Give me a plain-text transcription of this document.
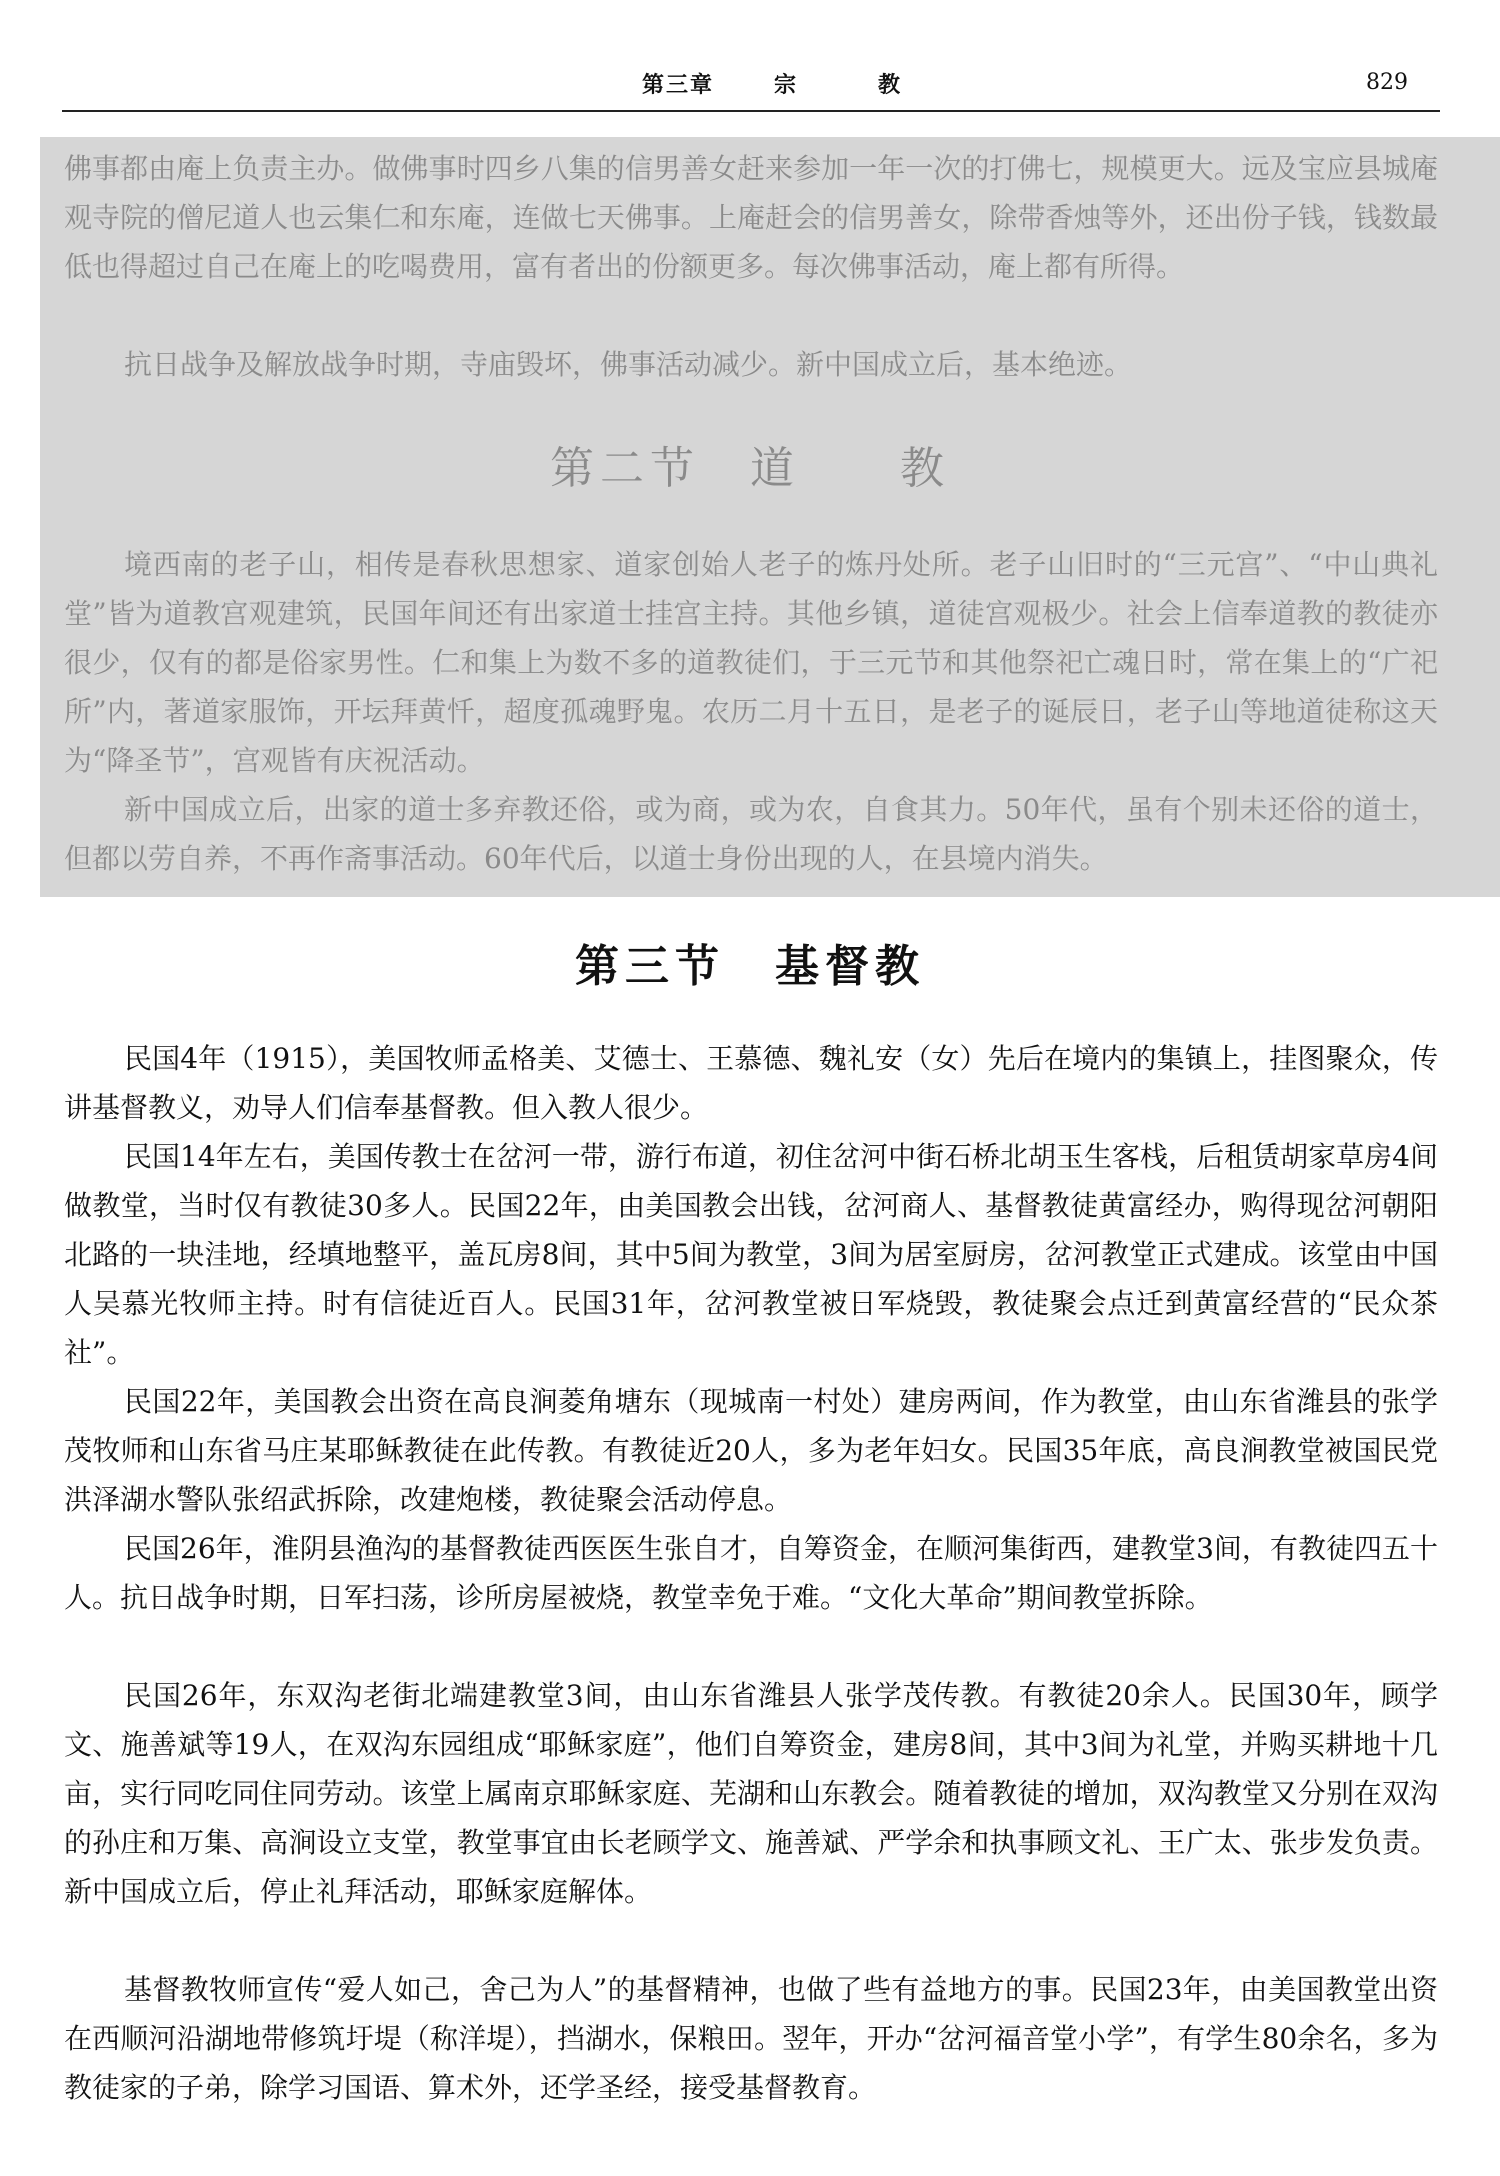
第三章	宗	教	829

佛事都由庵上负责主办。做佛事时四乡八集的信男善女赶来参加一年一次的打佛七，规模更大。远及宝应县城庵观寺院的僧尼道人也云集仁和东庵，连做七天佛事。上庵赶会的信男善女，除带香烛等外，还出份子钱，钱数最低也得超过自己在庵上的吃喝费用，富有者出的份额更多。每次佛事活动，庵上都有所得。

抗日战争及解放战争时期，寺庙毁坏，佛事活动减少。新中国成立后，基本绝迹。

第二节　道　　教

境西南的老子山，相传是春秋思想家、道家创始人老子的炼丹处所。老子山旧时的“三元宫”、“中山典礼堂”皆为道教宫观建筑，民国年间还有出家道士挂宫主持。其他乡镇，道徒宫观极少。社会上信奉道教的教徒亦很少，仅有的都是俗家男性。仁和集上为数不多的道教徒们，于三元节和其他祭祀亡魂日时，常在集上的“广祀所”内，著道家服饰，开坛拜黄忏，超度孤魂野鬼。农历二月十五日，是老子的诞辰日，老子山等地道徒称这天为“降圣节”，宫观皆有庆祝活动。

新中国成立后，出家的道士多弃教还俗，或为商，或为农，自食其力。50年代，虽有个别未还俗的道士，但都以劳自养，不再作斋事活动。60年代后，以道士身份出现的人，在县境内消失。

第三节　基督教

民国4年（1915），美国牧师孟格美、艾德士、王慕德、魏礼安（女）先后在境内的集镇上，挂图聚众，传讲基督教义，劝导人们信奉基督教。但入教人很少。

民国14年左右，美国传教士在岔河一带，游行布道，初住岔河中街石桥北胡玉生客栈，后租赁胡家草房4间做教堂，当时仅有教徒30多人。民国22年，由美国教会出钱，岔河商人、基督教徒黄富经办，购得现岔河朝阳北路的一块洼地，经填地整平，盖瓦房8间，其中5间为教堂，3间为居室厨房，岔河教堂正式建成。该堂由中国人吴慕光牧师主持。时有信徒近百人。民国31年，岔河教堂被日军烧毁，教徒聚会点迁到黄富经营的“民众茶社”。

民国22年，美国教会出资在高良涧菱角塘东（现城南一村处）建房两间，作为教堂，由山东省潍县的张学茂牧师和山东省马庄某耶稣教徒在此传教。有教徒近20人，多为老年妇女。民国35年底，高良涧教堂被国民党洪泽湖水警队张绍武拆除，改建炮楼，教徒聚会活动停息。

民国26年，淮阴县渔沟的基督教徒西医医生张自才，自筹资金，在顺河集街西，建教堂3间，有教徒四五十人。抗日战争时期，日军扫荡，诊所房屋被烧，教堂幸免于难。“文化大革命”期间教堂拆除。

民国26年，东双沟老街北端建教堂3间，由山东省潍县人张学茂传教。有教徒20余人。民国30年，顾学文、施善斌等19人，在双沟东园组成“耶稣家庭”，他们自筹资金，建房8间，其中3间为礼堂，并购买耕地十几亩，实行同吃同住同劳动。该堂上属南京耶稣家庭、芜湖和山东教会。随着教徒的增加，双沟教堂又分别在双沟的孙庄和万集、高涧设立支堂，教堂事宜由长老顾学文、施善斌、严学余和执事顾文礼、王广太、张步发负责。新中国成立后，停止礼拜活动，耶稣家庭解体。

基督教牧师宣传“爱人如己，舍己为人”的基督精神，也做了些有益地方的事。民国23年，由美国教堂出资在西顺河沿湖地带修筑圩堤（称洋堤），挡湖水，保粮田。翌年，开办“岔河福音堂小学”，有学生80余名，多为教徒家的子弟，除学习国语、算术外，还学圣经，接受基督教育。
